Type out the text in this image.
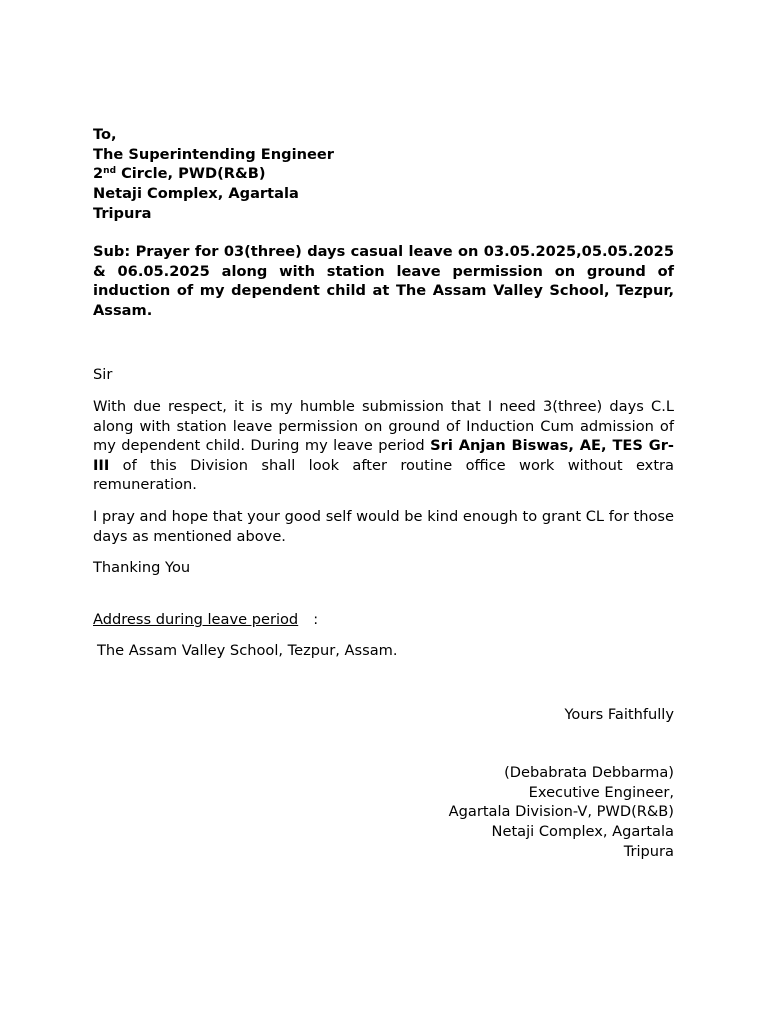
To,
The Superintending Engineer
2nd Circle, PWD(R&B)
Netaji Complex, Agartala
Tripura
Sub: Prayer for 03(three) days casual leave on 03.05.2025,05.05.2025 & 06.05.2025 along with station leave permission on ground of induction of my dependent child at The Assam Valley School, Tezpur, Assam.
Sir
With due respect, it is my humble submission that I need 3(three) days C.L along with station leave permission on ground of Induction Cum admission of my dependent child. During my leave period Sri Anjan Biswas, AE, TES Gr-III of this Division shall look after routine office work without extra remuneration.
I pray and hope that your good self would be kind enough to grant CL for those days as mentioned above.
Thanking You
Address during leave period :
The Assam Valley School, Tezpur, Assam.
Yours Faithfully
(Debabrata Debbarma)
Executive Engineer,
Agartala Division-V, PWD(R&B)
Netaji Complex, Agartala
Tripura
